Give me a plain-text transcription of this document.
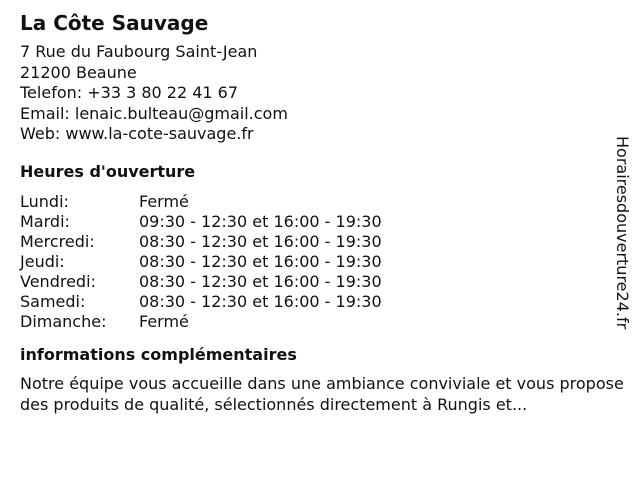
La Côte Sauvage
7 Rue du Faubourg Saint-Jean
21200 Beaune
Telefon: +33 3 80 22 41 67
Email: lenaic.bulteau@gmail.com
Web: www.la-cote-sauvage.fr
Heures d'ouverture
Lundi:	Fermé
Mardi:	09:30 - 12:30 et 16:00 - 19:30
Mercredi:	08:30 - 12:30 et 16:00 - 19:30
Jeudi:	08:30 - 12:30 et 16:00 - 19:30
Vendredi:	08:30 - 12:30 et 16:00 - 19:30
Samedi:	08:30 - 12:30 et 16:00 - 19:30
Dimanche:	Fermé
informations complémentaires
Notre équipe vous accueille dans une ambiance conviviale et vous propose des produits de qualité, sélectionnés directement à Rungis et...
Horairesdouverture24.fr
